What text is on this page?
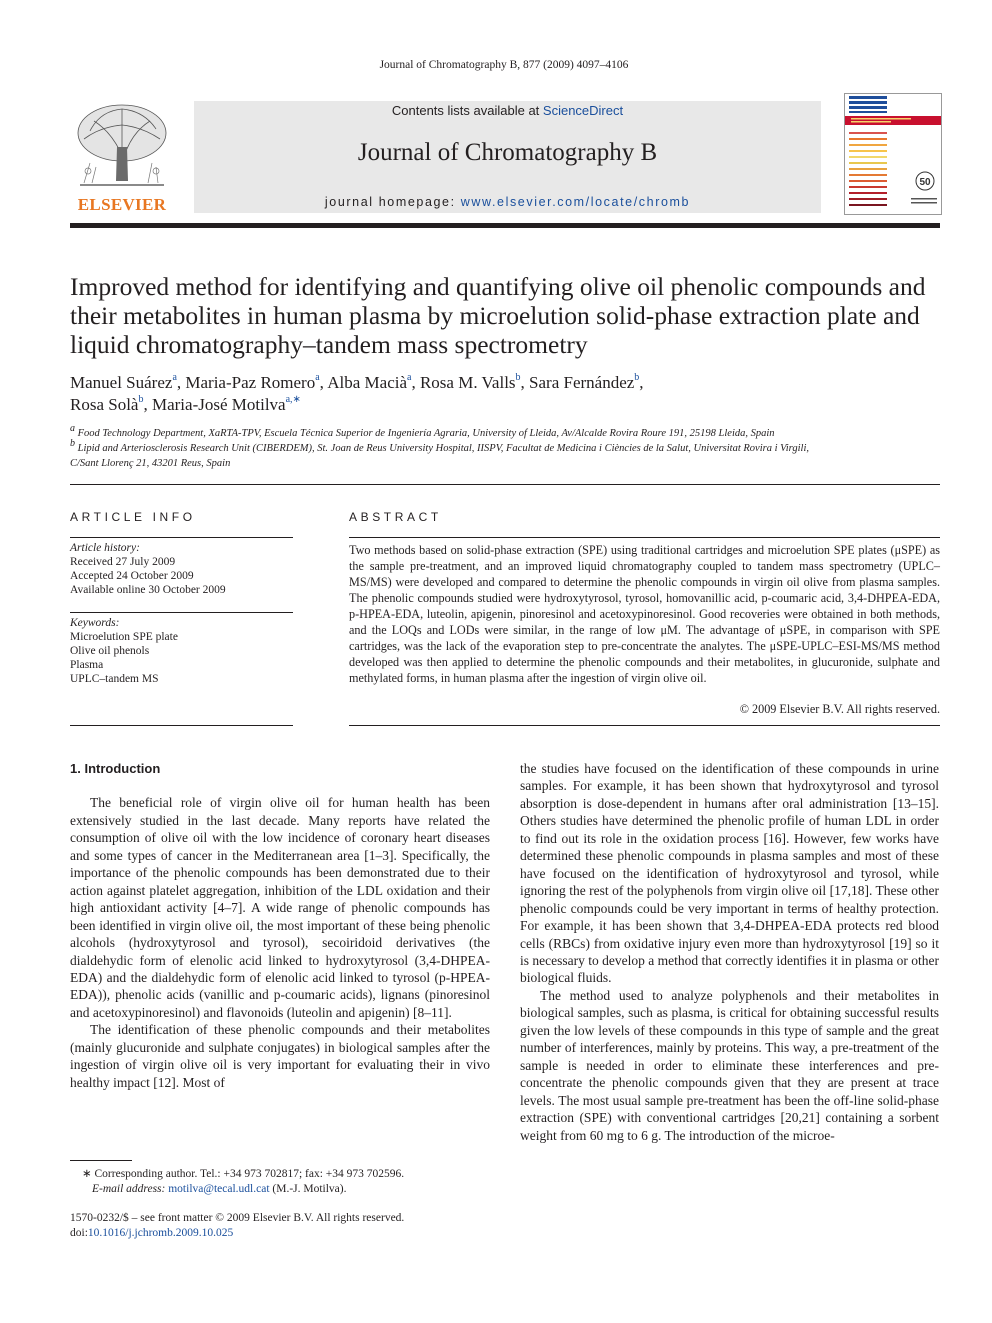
Journal of Chromatography B, 877 (2009) 4097–4106
ELSEVIER
Contents lists available at ScienceDirect
Journal of Chromatography B
journal homepage: www.elsevier.com/locate/chromb
50
Improved method for identifying and quantifying olive oil phenolic compounds and their metabolites in human plasma by microelution solid-phase extraction plate and liquid chromatography–tandem mass spectrometry
Manuel Suárez$^a$, Maria-Paz Romero$^a$, Alba Macià$^a$, Rosa M. Valls$^b$, Sara Fernández$^b$,
Rosa Solà$^b$, Maria-José Motilva$^{a,∗}$
$^a$ Food Technology Department, XaRTA-TPV, Escuela Técnica Superior de Ingeniería Agraria, University of Lleida, Av/Alcalde Rovira Roure 191, 25198 Lleida, Spain
$^b$ Lipid and Arteriosclerosis Research Unit (CIBERDEM), St. Joan de Reus University Hospital, IISPV, Facultat de Medicina i Ciències de la Salut, Universitat Rovira i Virgili,
C/Sant Llorenç 21, 43201 Reus, Spain
ARTICLE INFO
Article history:
Received 27 July 2009
Accepted 24 October 2009
Available online 30 October 2009
Keywords:
Microelution SPE plate
Olive oil phenols
Plasma
UPLC–tandem MS
ABSTRACT
Two methods based on solid-phase extraction (SPE) using traditional cartridges and microelution SPE plates (μSPE) as the sample pre-treatment, and an improved liquid chromatography coupled to tandem mass spectrometry (UPLC–MS/MS) were developed and compared to determine the phenolic compounds in virgin oil olive from plasma samples. The phenolic compounds studied were hydroxytyrosol, tyrosol, homovanillic acid, p-coumaric acid, 3,4-DHPEA-EDA, p-HPEA-EDA, luteolin, apigenin, pinoresinol and acetoxypinoresinol. Good recoveries were obtained in both methods, and the LOQs and LODs were similar, in the range of low μM. The advantage of μSPE, in comparison with SPE cartridges, was the lack of the evaporation step to pre-concentrate the analytes. The μSPE-UPLC–ESI-MS/MS method developed was then applied to determine the phenolic compounds and their metabolites, in glucuronide, sulphate and methylated forms, in human plasma after the ingestion of virgin olive oil.
© 2009 Elsevier B.V. All rights reserved.
1. Introduction

The beneficial role of virgin olive oil for human health has been extensively studied in the last decade. Many reports have related the consumption of olive oil with the low incidence of coronary heart diseases and some types of cancer in the Mediterranean area [1–3]. Specifically, the importance of the phenolic compounds has been demonstrated due to their action against platelet aggregation, inhibition of the LDL oxidation and their high antioxidant activity [4–7]. A wide range of phenolic compounds has been identified in virgin olive oil, the most important of these being phenolic alcohols (hydroxytyrosol and tyrosol), secoiridoid derivatives (the dialdehydic form of elenolic acid linked to hydroxytyrosol (3,4-DHPEA-EDA) and the dialdehydic form of elenolic acid linked to tyrosol (p-HPEA-EDA)), phenolic acids (vanillic and p-coumaric acids), lignans (pinoresinol and acetoxypinoresinol) and flavonoids (luteolin and apigenin) [8–11].

The identification of these phenolic compounds and their metabolites (mainly glucuronide and sulphate conjugates) in biological samples after the ingestion of virgin olive oil is very important for evaluating their in vivo healthy impact [12]. Most of

the studies have focused on the identification of these compounds in urine samples. For example, it has been shown that hydroxytyrosol and tyrosol absorption is dose-dependent in humans after oral administration [13–15]. Others studies have determined the phenolic profile of human LDL in order to find out its role in the oxidation process [16]. However, few works have determined these phenolic compounds in plasma samples and most of these have focused on the identification of hydroxytyrosol and tyrosol, while ignoring the rest of the polyphenols from virgin olive oil [17,18]. These other phenolic compounds could be very important in terms of healthy protection. For example, it has been shown that 3,4-DHPEA-EDA protects red blood cells (RBCs) from oxidative injury even more than hydroxytyrosol [19] so it is necessary to develop a method that correctly identifies it in plasma or other biological fluids.

The method used to analyze polyphenols and their metabolites in biological samples, such as plasma, is critical for obtaining successful results given the low levels of these compounds in this type of sample and the great number of interferences, mainly by proteins. This way, a pre-treatment of the sample is needed in order to eliminate these interferences and pre-concentrate the phenolic compounds given that they are present at trace levels. The most usual sample pre-treatment has been the off-line solid-phase extraction (SPE) with conventional cartridges [20,21] containing a sorbent weight from 60 mg to 6 g. The introduction of the microe-

∗ Corresponding author. Tel.: +34 973 702817; fax: +34 973 702596.
E-mail address: motilva@tecal.udl.cat (M.-J. Motilva).
1570-0232/$ – see front matter © 2009 Elsevier B.V. All rights reserved.
doi:10.1016/j.jchromb.2009.10.025
